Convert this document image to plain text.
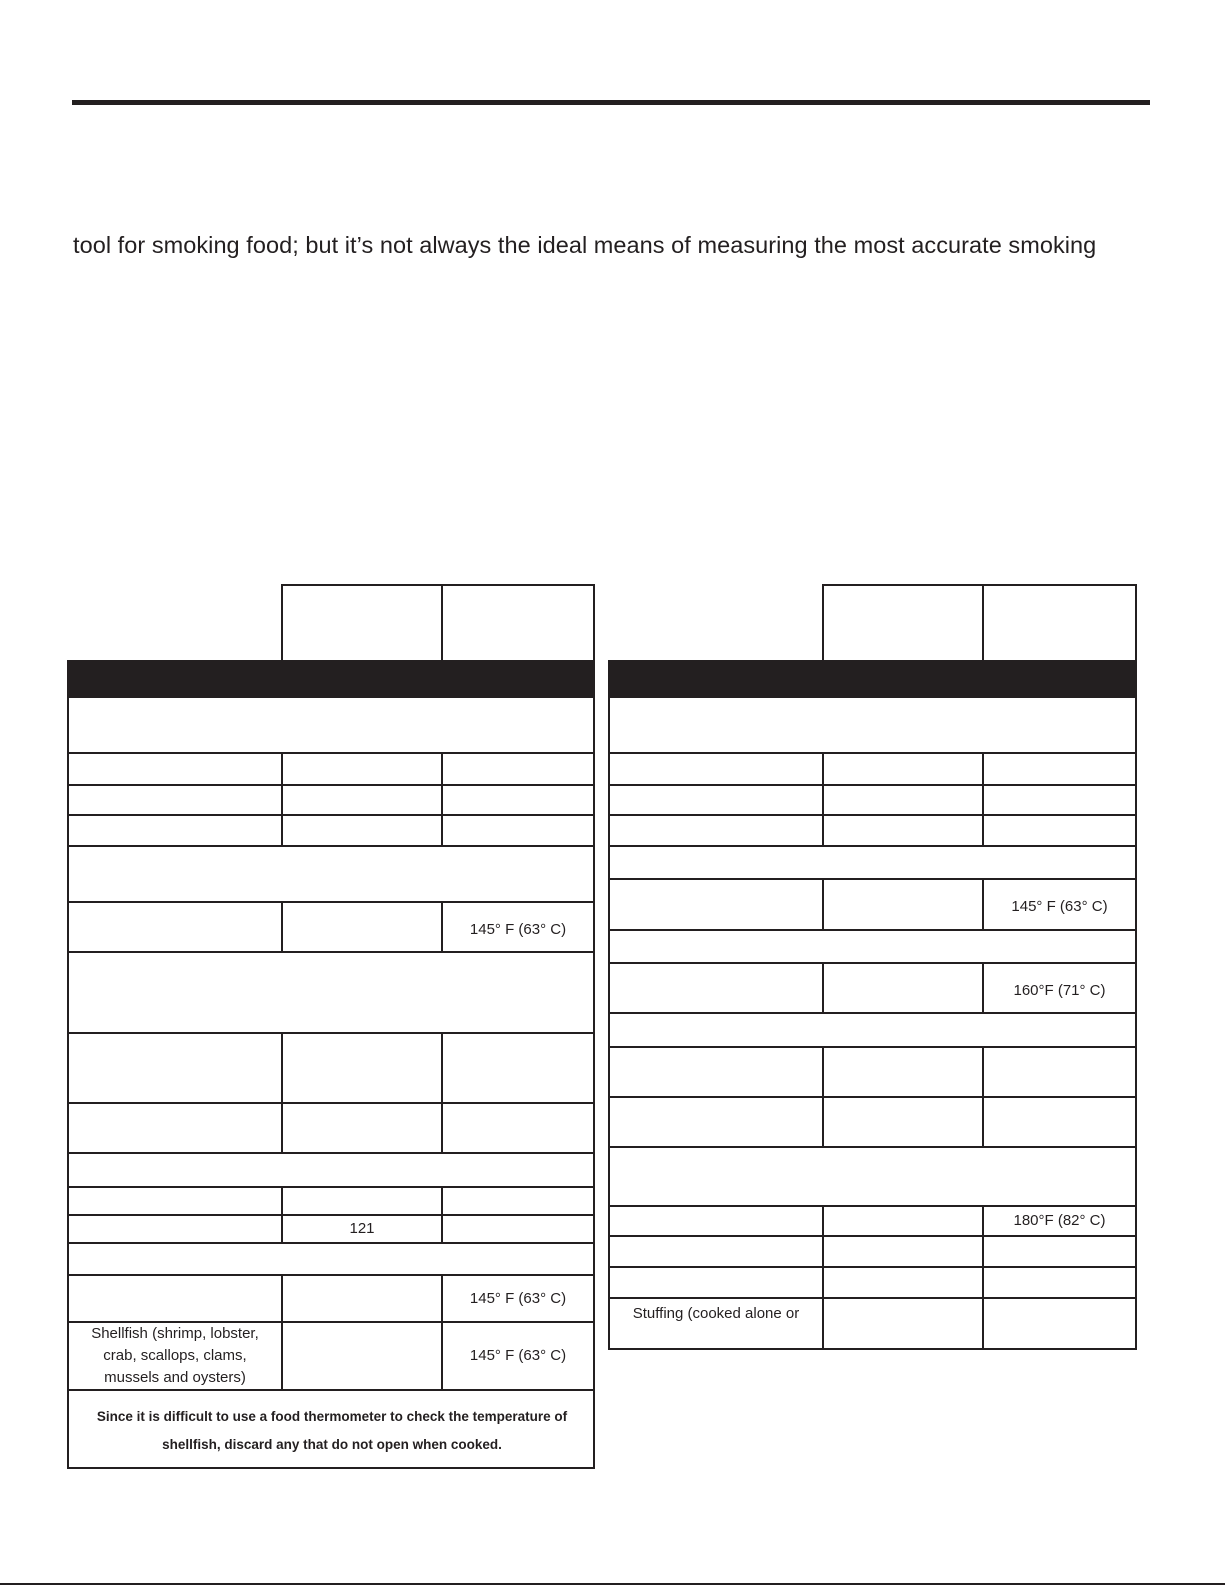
tool for smoking food; but it’s not always the ideal means of measuring the most accurate smoking

145° F (63° C)
121
145° F (63° C)
Shellfish (shrimp, lobster, crab, scallops, clams, mussels and oysters)
145° F (63° C)
Since it is difficult to use a food thermometer to check the temperature of shellfish, discard any that do not open when cooked.
145° F (63° C)
160°F (71° C)
180°F (82° C)
Stuffing (cooked alone or
